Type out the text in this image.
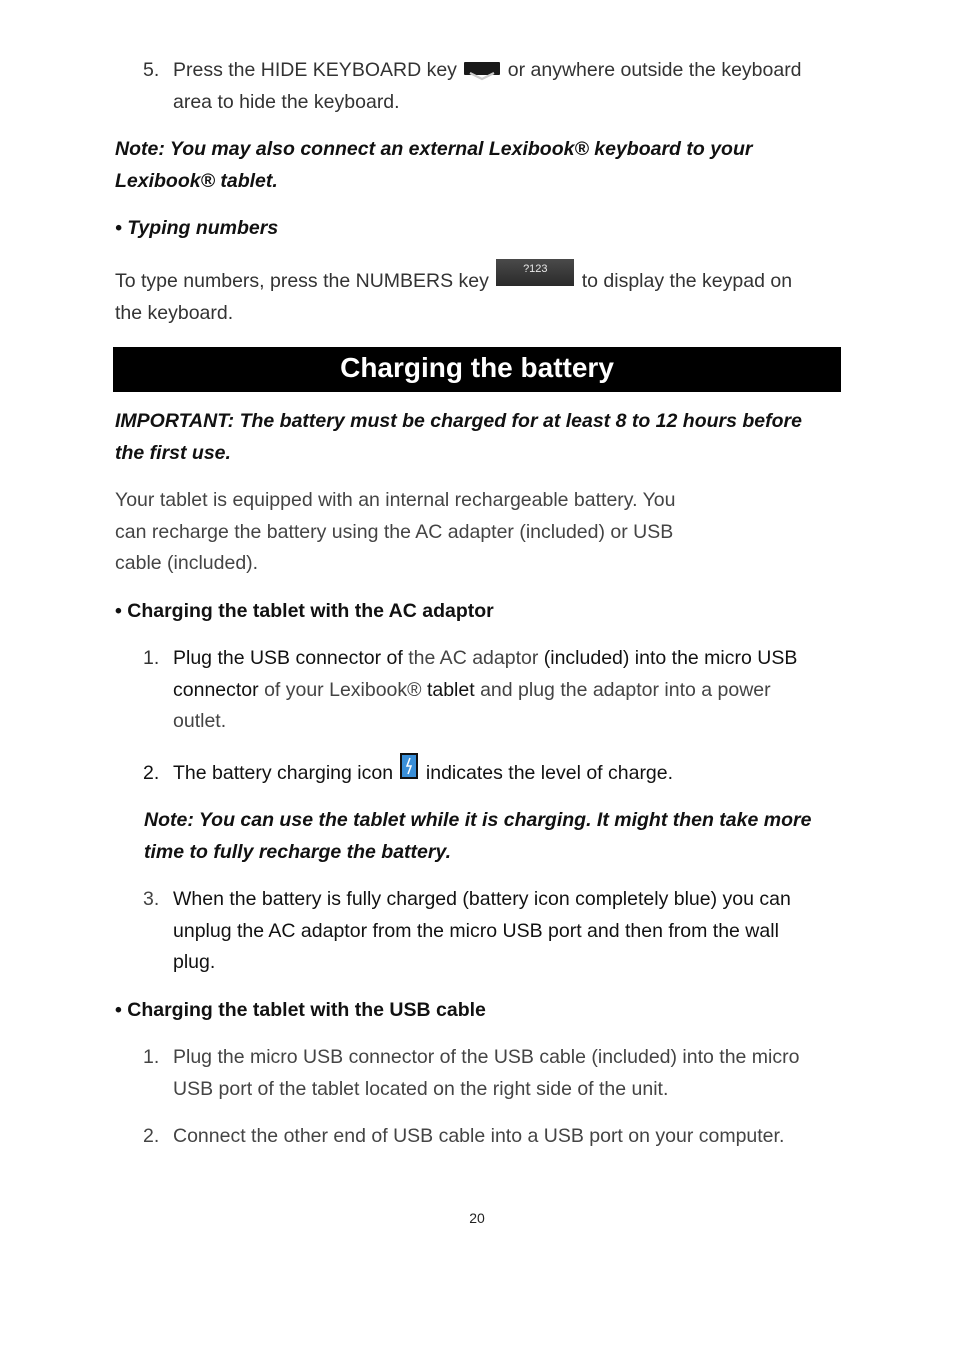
5. Press the HIDE KEYBOARD key	or anywhere outside the keyboard
area to hide the keyboard.
Note: You may also connect an external Lexibook® keyboard to your
Lexibook® tablet.
• Typing numbers
To type numbers, press the NUMBERS key ?123 to display the keypad on
the keyboard.
Charging the battery
IMPORTANT: The battery must be charged for at least 8 to 12 hours before
the first use.
Your tablet is equipped with an internal rechargeable battery. You
can recharge the battery using the AC adapter (included) or USB
cable (included).
• Charging the tablet with the AC adaptor
1. Plug the USB connector of the AC adaptor (included) into the micro USB
connector of your Lexibook® tablet and plug the adaptor into a power
outlet.
2. The battery charging icon indicates the level of charge.
Note: You can use the tablet while it is charging. It might then take more
time to fully recharge the battery.
3. When the battery is fully charged (battery icon completely blue) you can
unplug the AC adaptor from the micro USB port and then from the wall
plug.
• Charging the tablet with the USB cable
1. Plug the micro USB connector of the USB cable (included) into the micro
USB port of the tablet located on the right side of the unit.
2. Connect the other end of USB cable into a USB port on your computer.
20
